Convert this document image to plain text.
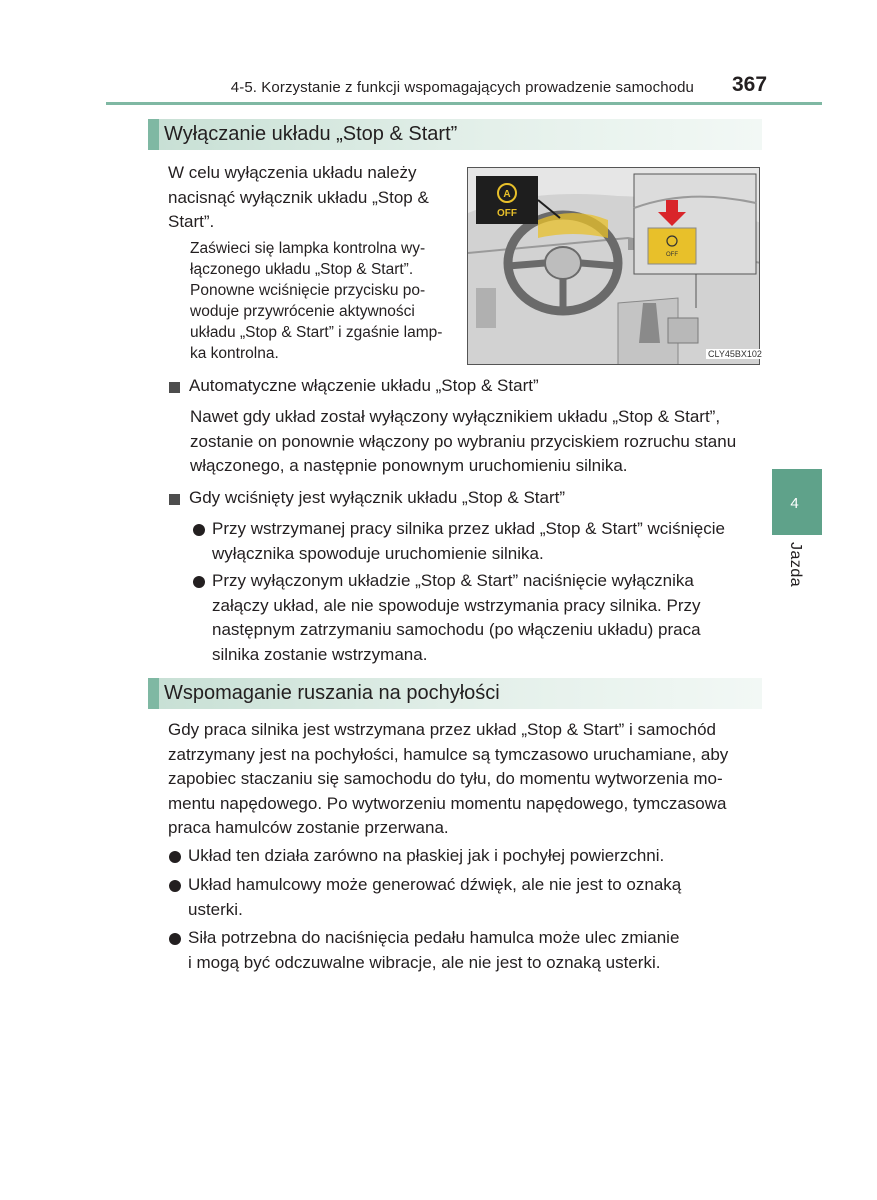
4-5. Korzystanie z funkcji wspomagających prowadzenie samochodu 367
Wyłączanie układu „Stop & Start”
W celu wyłączenia układu należy
nacisnąć wyłącznik układu „Stop &
Start”.
Zaświeci się lampka kontrolna wy-
łączonego układu „Stop & Start”.
Ponowne wciśnięcie przycisku po-
woduje przywrócenie aktywności
układu „Stop & Start” i zgaśnie lamp-
ka kontrolna.
A
OFF
OFF
CLY45BX102
Automatyczne włączenie układu „Stop & Start”
Nawet gdy układ został wyłączony wyłącznikiem układu „Stop & Start”,
zostanie on ponownie włączony po wybraniu przyciskiem rozruchu stanu
włączonego, a następnie ponownym uruchomieniu silnika.
Gdy wciśnięty jest wyłącznik układu „Stop & Start”
Przy wstrzymanej pracy silnika przez układ „Stop & Start” wciśnięcie
wyłącznika spowoduje uruchomienie silnika.
Przy wyłączonym układzie „Stop & Start” naciśnięcie wyłącznika
załączy układ, ale nie spowoduje wstrzymania pracy silnika. Przy
następnym zatrzymaniu samochodu (po włączeniu układu) praca
silnika zostanie wstrzymana.
Wspomaganie ruszania na pochyłości
Gdy praca silnika jest wstrzymana przez układ „Stop & Start” i samochód
zatrzymany jest na pochyłości, hamulce są tymczasowo uruchamiane, aby
zapobiec staczaniu się samochodu do tyłu, do momentu wytworzenia mo-
mentu napędowego. Po wytworzeniu momentu napędowego, tymczasowa
praca hamulców zostanie przerwana.
Układ ten działa zarówno na płaskiej jak i pochyłej powierzchni.
Układ hamulcowy może generować dźwięk, ale nie jest to oznaką
usterki.
Siła potrzebna do naciśnięcia pedału hamulca może ulec zmianie
i mogą być odczuwalne wibracje, ale nie jest to oznaką usterki.
4
Jazda
